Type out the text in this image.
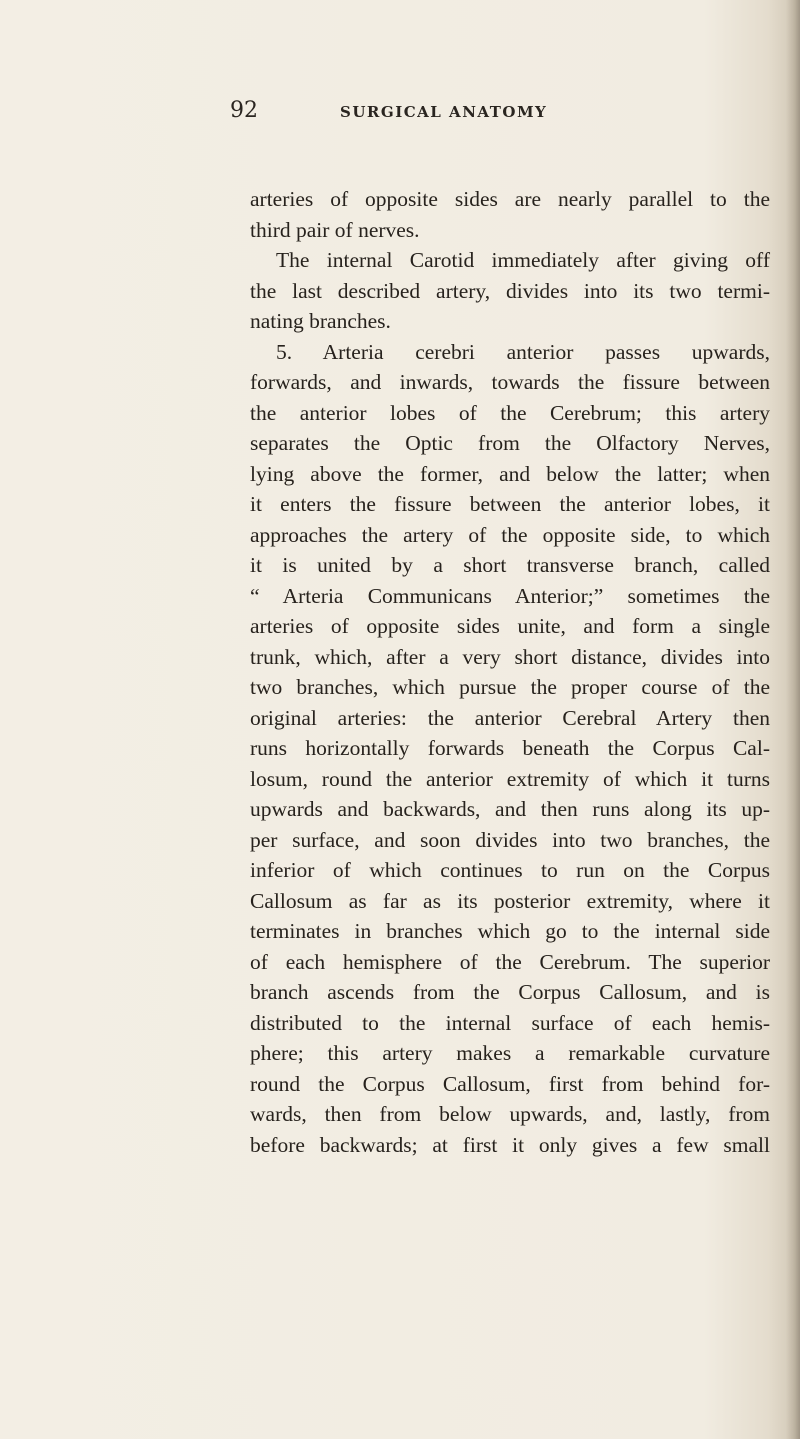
92	SURGICAL ANATOMY
arteries of opposite sides are nearly parallel to the
third pair of nerves.
The internal Carotid immediately after giving off
the last described artery, divides into its two termi-
nating branches.
5. Arteria cerebri anterior passes upwards,
forwards, and inwards, towards the fissure between
the anterior lobes of the Cerebrum; this artery
separates the Optic from the Olfactory Nerves,
lying above the former, and below the latter; when
it enters the fissure between the anterior lobes, it
approaches the artery of the opposite side, to which
it is united by a short transverse branch, called
“ Arteria Communicans Anterior;” sometimes the
arteries of opposite sides unite, and form a single
trunk, which, after a very short distance, divides into
two branches, which pursue the proper course of the
original arteries: the anterior Cerebral Artery then
runs horizontally forwards beneath the Corpus Cal-
losum, round the anterior extremity of which it turns
upwards and backwards, and then runs along its up-
per surface, and soon divides into two branches, the
inferior of which continues to run on the Corpus
Callosum as far as its posterior extremity, where it
terminates in branches which go to the internal side
of each hemisphere of the Cerebrum. The superior
branch ascends from the Corpus Callosum, and is
distributed to the internal surface of each hemis-
phere; this artery makes a remarkable curvature
round the Corpus Callosum, first from behind for-
wards, then from below upwards, and, lastly, from
before backwards; at first it only gives a few small
